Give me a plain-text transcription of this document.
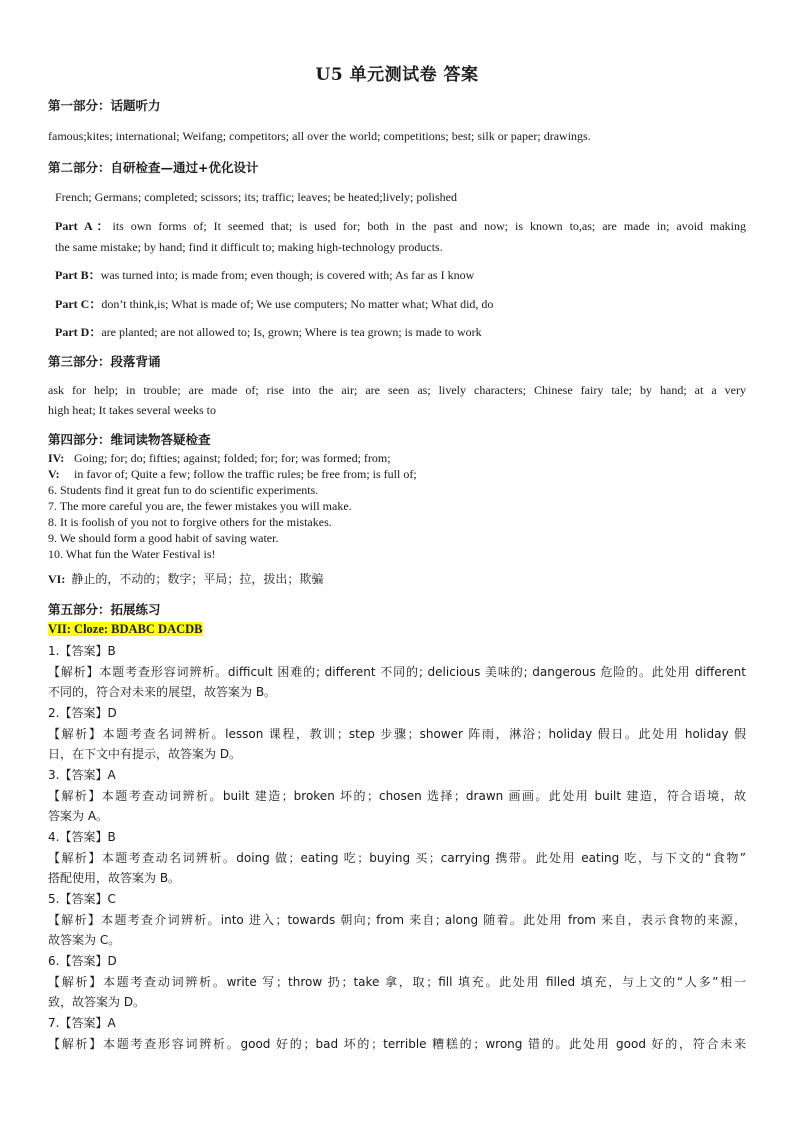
U5 单元测试卷 答案
第一部分：话题听力
famous;kites; international; Weifang; competitors; all over the world; competitions; best; silk or paper; drawings.
第二部分：自研检查—通过+优化设计
French; Germans; completed; scissors; its; traffic; leaves; be heated;lively; polished
Part A：its own forms of; It seemed that; is used for; both in the past and now; is known to,as; are made in; avoid making
the same mistake; by hand; find it difficult to; making high-technology products.
Part B：was turned into; is made from; even though; is covered with; As far as I know
Part C：don’t think,is; What is made of; We use computers; No matter what; What did, do
Part D：are planted; are not allowed to; Is, grown; Where is tea grown; is made to work
第三部分：段落背诵
ask for help; in trouble; are made of; rise into the air; are seen as; lively characters; Chinese fairy tale; by hand; at a very
high heat; It takes several weeks to
第四部分：维词读物答疑检查
IV: Going; for; do; fifties; against; folded; for; for; was formed; from;
V: in favor of; Quite a few; follow the traffic rules; be free from; is full of;
6. Students find it great fun to do scientific experiments.
7. The more careful you are, the fewer mistakes you will make.
8. It is foolish of you not to forgive others for the mistakes.
9. We should form a good habit of saving water.
10. What fun the Water Festival is!
VI: 静止的，不动的；数字；平局；拉，拔出；欺骗
第五部分：拓展练习
VII: Cloze: BDABC DACDB
1.【答案】B
【解析】本题考查形容词辨析。difficult 困难的; different 不同的; delicious 美味的; dangerous 危险的。此处用 different
不同的，符合对未来的展望，故答案为 B。
2.【答案】D
【解析】本题考查名词辨析。lesson 课程，教训；step 步骤；shower 阵雨，淋浴；holiday 假日。此处用 holiday 假
日，在下文中有提示，故答案为 D。
3.【答案】A
【解析】本题考查动词辨析。built 建造；broken 坏的；chosen 选择；drawn 画画。此处用 built 建造，符合语境，故
答案为 A。
4.【答案】B
【解析】本题考查动名词辨析。doing 做；eating 吃；buying 买；carrying 携带。此处用 eating 吃，与下文的“食物”
搭配使用，故答案为 B。
5.【答案】C
【解析】本题考查介词辨析。into 进入；towards 朝向; from 来自; along 随着。此处用 from 来自，表示食物的来源，
故答案为 C。
6.【答案】D
【解析】本题考查动词辨析。write 写；throw 扔；take 拿，取；fill 填充。此处用 filled 填充，与上文的“人多”相一
致，故答案为 D。
7.【答案】A
【解析】本题考查形容词辨析。good 好的；bad 坏的；terrible 糟糕的；wrong 错的。此处用 good 好的，符合未来
